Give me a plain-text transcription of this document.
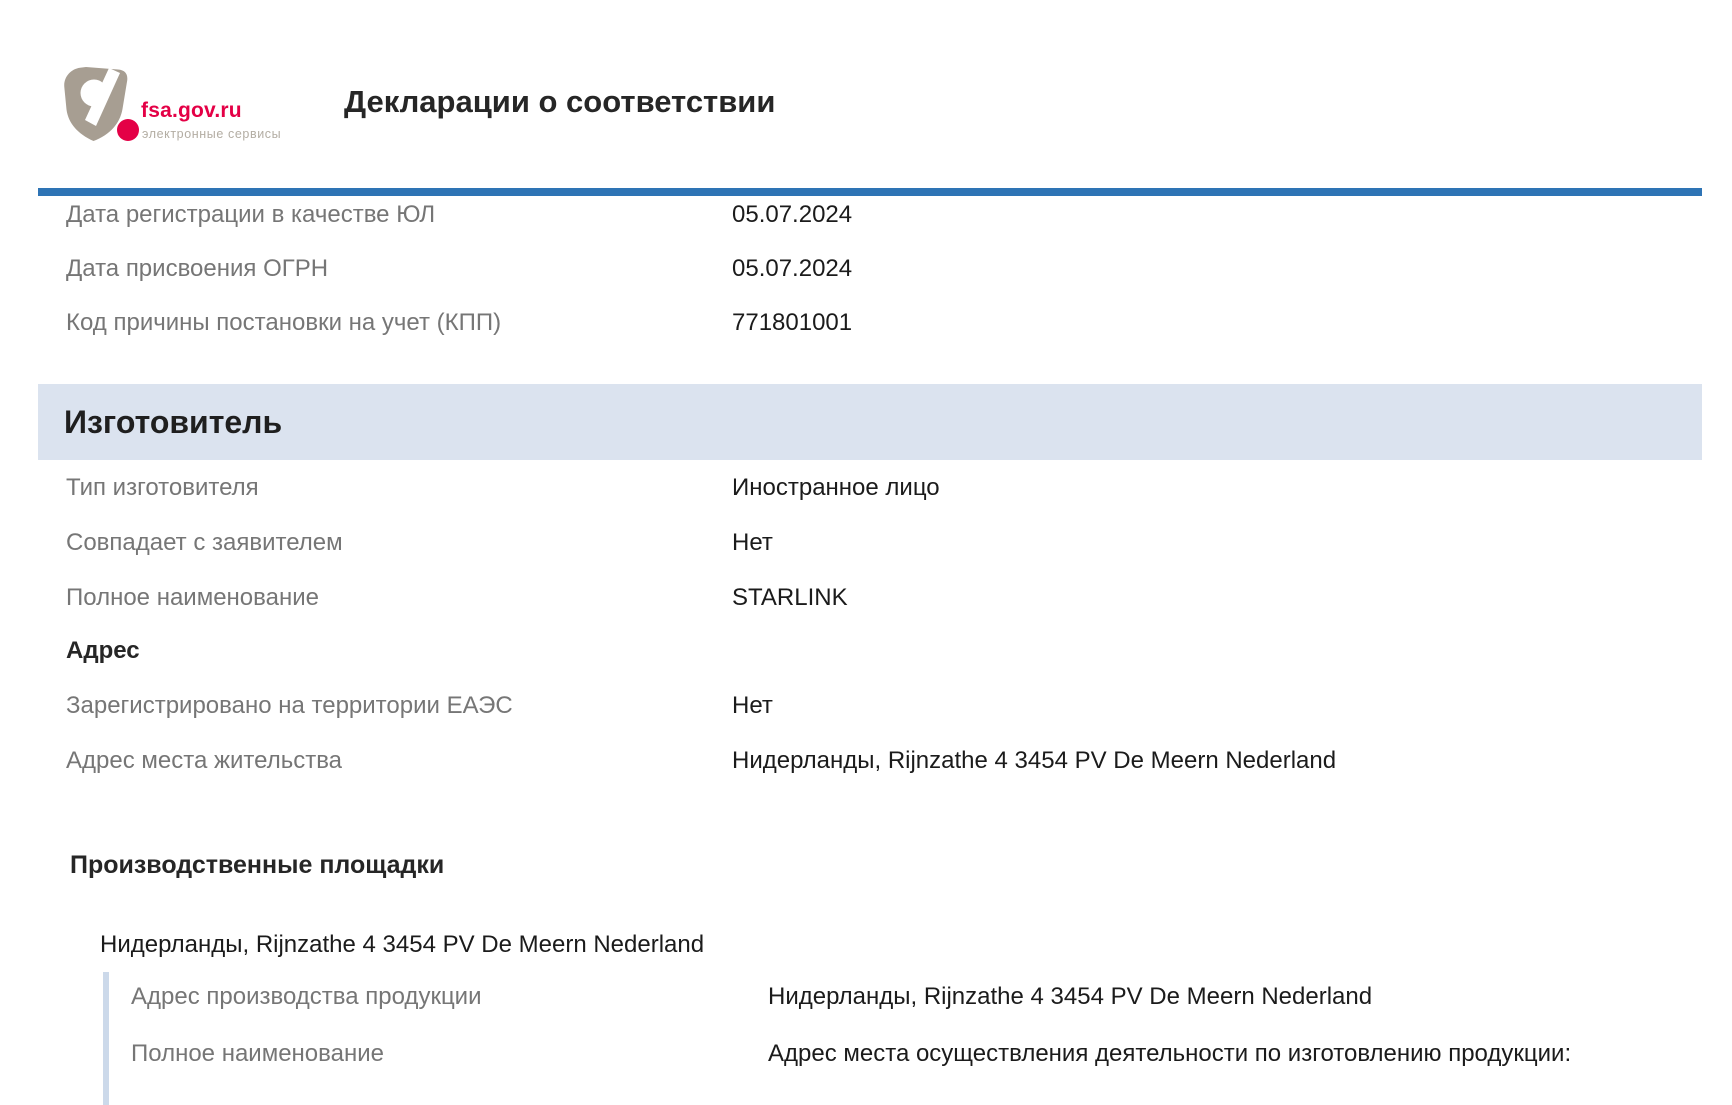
fsa.gov.ru
электронные сервисы
Декларации о соответствии
Дата регистрации в качестве ЮЛ	05.07.2024
Дата присвоения ОГРН	05.07.2024
Код причины постановки на учет (КПП)	771801001
Изготовитель
Тип изготовителя	Иностранное лицо
Совпадает с заявителем	Нет
Полное наименование	STARLINK
Адрес
Зарегистрировано на территории ЕАЭС	Нет
Адрес места жительства	Нидерланды, Rijnzathe 4 3454 PV De Meern Nederland
Производственные площадки
Нидерланды, Rijnzathe 4 3454 PV De Meern Nederland
Адрес производства продукции	Нидерланды, Rijnzathe 4 3454 PV De Meern Nederland
Полное наименование	Адрес места осуществления деятельности по изготовлению продукции:
